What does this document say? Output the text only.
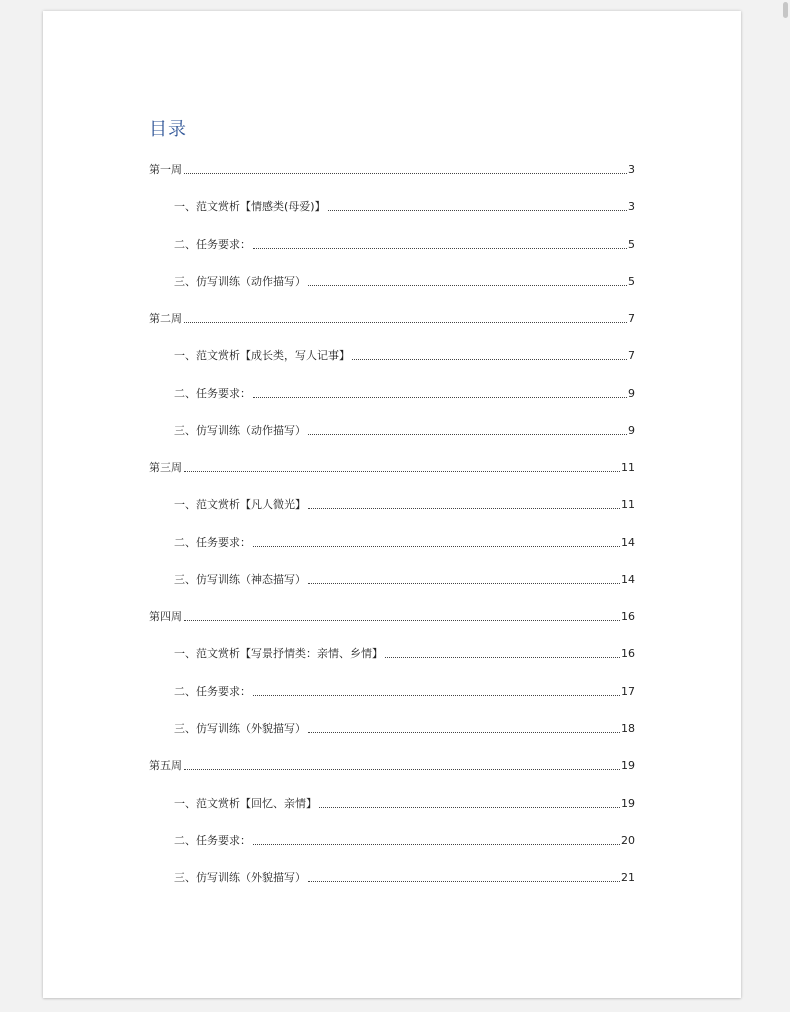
目录
第一周	3
一、范文赏析【情感类(母爱)】	3
二、任务要求：	5
三、仿写训练（动作描写）	5
第二周	7
一、范文赏析【成长类，写人记事】	7
二、任务要求：	9
三、仿写训练（动作描写）	9
第三周	11
一、范文赏析【凡人微光】	11
二、任务要求：	14
三、仿写训练（神态描写）	14
第四周	16
一、范文赏析【写景抒情类：亲情、乡情】	16
二、任务要求：	17
三、仿写训练（外貌描写）	18
第五周	19
一、范文赏析【回忆、亲情】	19
二、任务要求：	20
三、仿写训练（外貌描写）	21
